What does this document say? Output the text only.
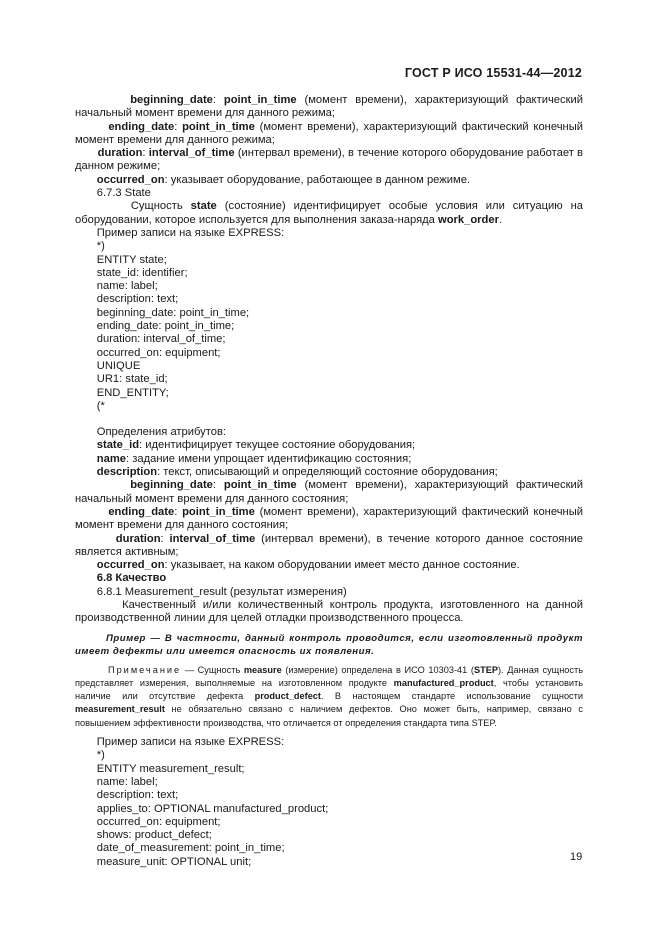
ГОСТ Р ИСО 15531-44—2012

beginning_date: point_in_time (момент времени), характеризующий фактический начальный момент времени для данного режима;

ending_date: point_in_time (момент времени), характеризующий фактический конечный момент времени для данного режима;

duration: interval_of_time (интервал времени), в течение которого оборудование работает в данном режиме;

occurred_on: указывает оборудование, работающее в данном режиме.

6.7.3 State

Сущность state (состояние) идентифицирует особые условия или ситуацию на оборудовании, которое используется для выполнения заказа-наряда work_order.

Пример записи на языке EXPRESS:

*)

ENTITY state;

state_id: identifier;

name: label;

description: text;

beginning_date: point_in_time;

ending_date: point_in_time;

duration: interval_of_time;

occurred_on: equipment;

UNIQUE

UR1: state_id;

END_ENTITY;

(*

Определения атрибутов:

state_id: идентифицирует текущее состояние оборудования;

name: задание имени упрощает идентификацию состояния;

description: текст, описывающий и определяющий состояние оборудования;

beginning_date: point_in_time (момент времени), характеризующий фактический начальный момент времени для данного состояния;

ending_date: point_in_time (момент времени), характеризующий фактический конечный момент времени для данного состояния;

duration: interval_of_time (интервал времени), в течение которого данное состояние является активным;

occurred_on: указывает, на каком оборудовании имеет место данное состояние.

6.8 Качество

6.8.1 Measurement_result (результат измерения)

Качественный и/или количественный контроль продукта, изготовленного на данной производственной линии для целей отладки производственного процесса.

Пример — В частности, данный контроль проводится, если изготовленный продукт имеет дефекты или имеется опасность их появления.

Примечание — Сущность measure (измерение) определена в ИСО 10303-41 (STEP). Данная сущность представляет измерения, выполняемые на изготовленном продукте manufactured_product, чтобы установить наличие или отсутствие дефекта product_defect. В настоящем стандарте использование сущности measurement_result не обязательно связано с наличием дефектов. Оно может быть, например, связано с повышением эффективности производства, что отличается от определения стандарта типа STEP.

Пример записи на языке EXPRESS:

*)

ENTITY measurement_result;

name: label;

description: text;

applies_to: OPTIONAL manufactured_product;

occurred_on: equipment;

shows: product_defect;

date_of_measurement: point_in_time;

measure_unit: OPTIONAL unit;	19
